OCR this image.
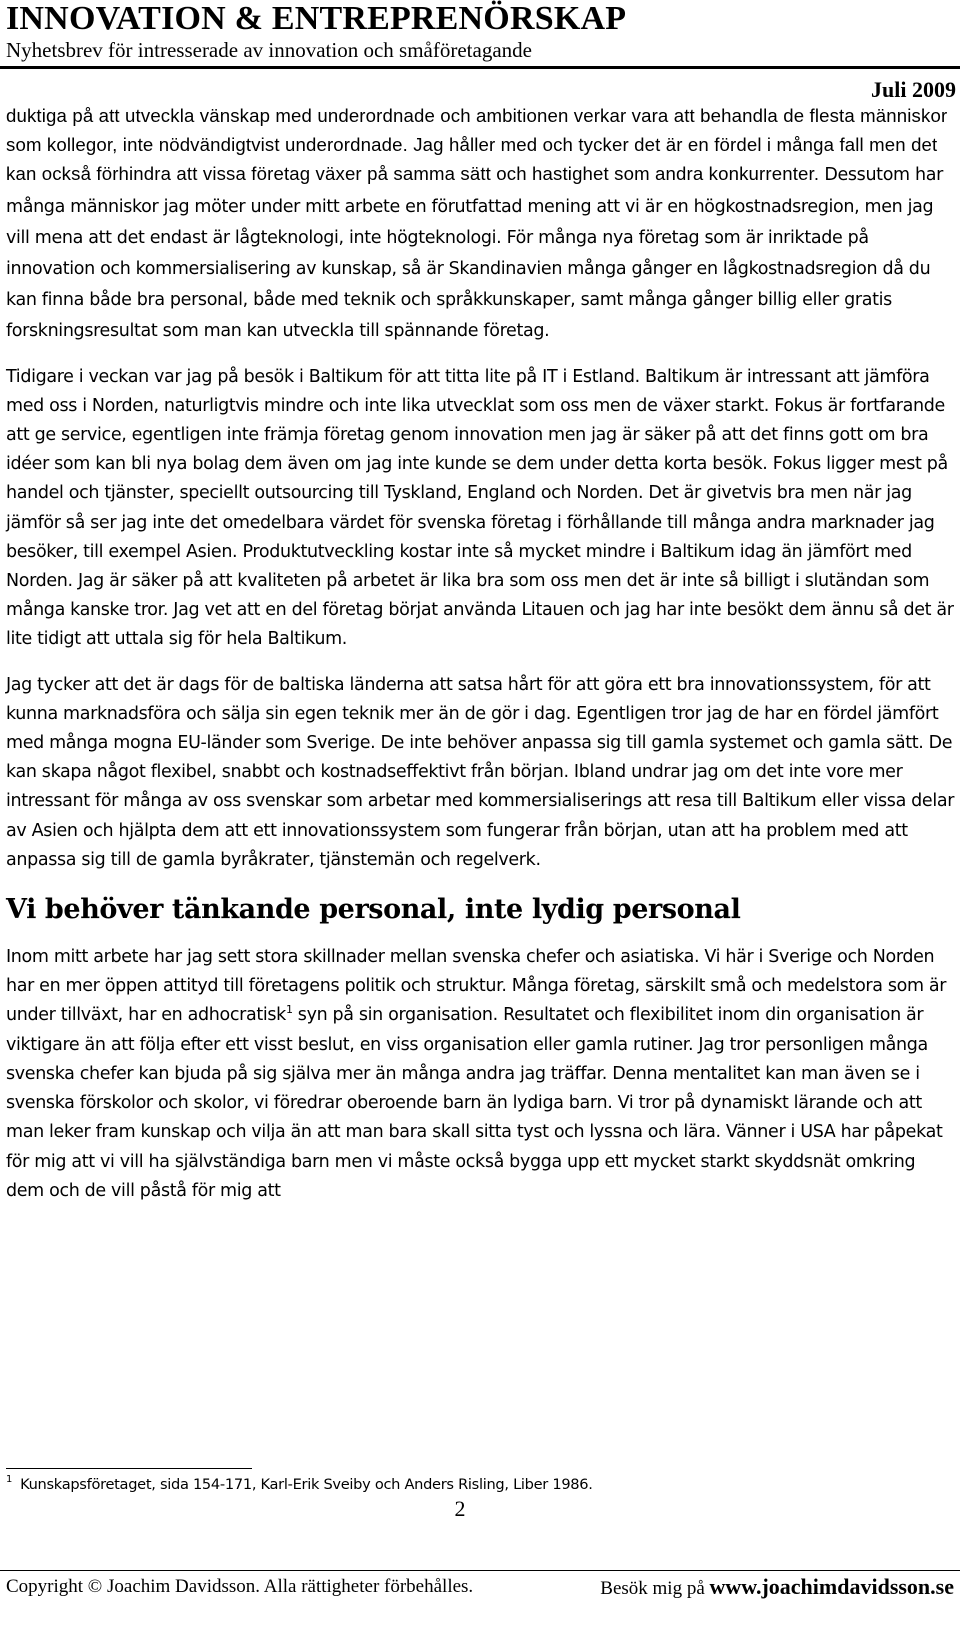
INNOVATION & ENTREPRENÖRSKAP
Nyhetsbrev för intresserade av innovation och småföretagande
Juli 2009

duktiga på att utveckla vänskap med underordnade och ambitionen verkar vara att behandla de flesta människor som kollegor, inte nödvändigtvist underordnade. Jag håller med och tycker det är en fördel i många fall men det kan också förhindra att vissa företag växer på samma sätt och hastighet som andra konkurrenter. Dessutom har många människor jag möter under mitt arbete en förutfattad mening att vi är en högkostnadsregion, men jag vill mena att det endast är lågteknologi, inte högteknologi. För många nya företag som är inriktade på innovation och kommersialisering av kunskap, så är Skandinavien många gånger en lågkostnadsregion då du kan finna både bra personal, både med teknik och språkkunskaper, samt många gånger billig eller gratis forskningsresultat som man kan utveckla till spännande företag.

Tidigare i veckan var jag på besök i Baltikum för att titta lite på IT i Estland. Baltikum är intressant att jämföra med oss i Norden, naturligtvis mindre och inte lika utvecklat som oss men de växer starkt. Fokus är fortfarande att ge service, egentligen inte främja företag genom innovation men jag är säker på att det finns gott om bra idéer som kan bli nya bolag dem även om jag inte kunde se dem under detta korta besök. Fokus ligger mest på handel och tjänster, speciellt outsourcing till Tyskland, England och Norden. Det är givetvis bra men när jag jämför så ser jag inte det omedelbara värdet för svenska företag i förhållande till många andra marknader jag besöker, till exempel Asien. Produktutveckling kostar inte så mycket mindre i Baltikum idag än jämfört med Norden. Jag är säker på att kvaliteten på arbetet är lika bra som oss men det är inte så billigt i slutändan som många kanske tror. Jag vet att en del företag börjat använda Litauen och jag har inte besökt dem ännu så det är lite tidigt att uttala sig för hela Baltikum.

Jag tycker att det är dags för de baltiska länderna att satsa hårt för att göra ett bra innovationssystem, för att kunna marknadsföra och sälja sin egen teknik mer än de gör i dag. Egentligen tror jag de har en fördel jämfört med många mogna EU-länder som Sverige. De inte behöver anpassa sig till gamla systemet och gamla sätt. De kan skapa något flexibel, snabbt och kostnadseffektivt från början. Ibland undrar jag om det inte vore mer intressant för många av oss svenskar som arbetar med kommersialiserings att resa till Baltikum eller vissa delar av Asien och hjälpta dem att ett innovationssystem som fungerar från början, utan att ha problem med att anpassa sig till de gamla byråkrater, tjänstemän och regelverk.

Vi behöver tänkande personal, inte lydig personal

Inom mitt arbete har jag sett stora skillnader mellan svenska chefer och asiatiska. Vi här i Sverige och Norden har en mer öppen attityd till företagens politik och struktur. Många företag, särskilt små och medelstora som är under tillväxt, har en adhocratisk$^1$ syn på sin organisation. Resultatet och flexibilitet inom din organisation är viktigare än att följa efter ett visst beslut, en viss organisation eller gamla rutiner. Jag tror personligen många svenska chefer kan bjuda på sig själva mer än många andra jag träffar. Denna mentalitet kan man även se i svenska förskolor och skolor, vi föredrar oberoende barn än lydiga barn. Vi tror på dynamiskt lärande och att man leker fram kunskap och vilja än att man bara skall sitta tyst och lyssna och lära. Vänner i USA har påpekat för mig att vi vill ha självständiga barn men vi måste också bygga upp ett mycket starkt skyddsnät omkring dem och de vill påstå för mig att

$^1$ Kunskapsföretaget, sida 154-171, Karl-Erik Sveiby och Anders Risling, Liber 1986.
2
Copyright © Joachim Davidsson. Alla rättigheter förbehålles.	Besök mig på www.joachimdavidsson.se
